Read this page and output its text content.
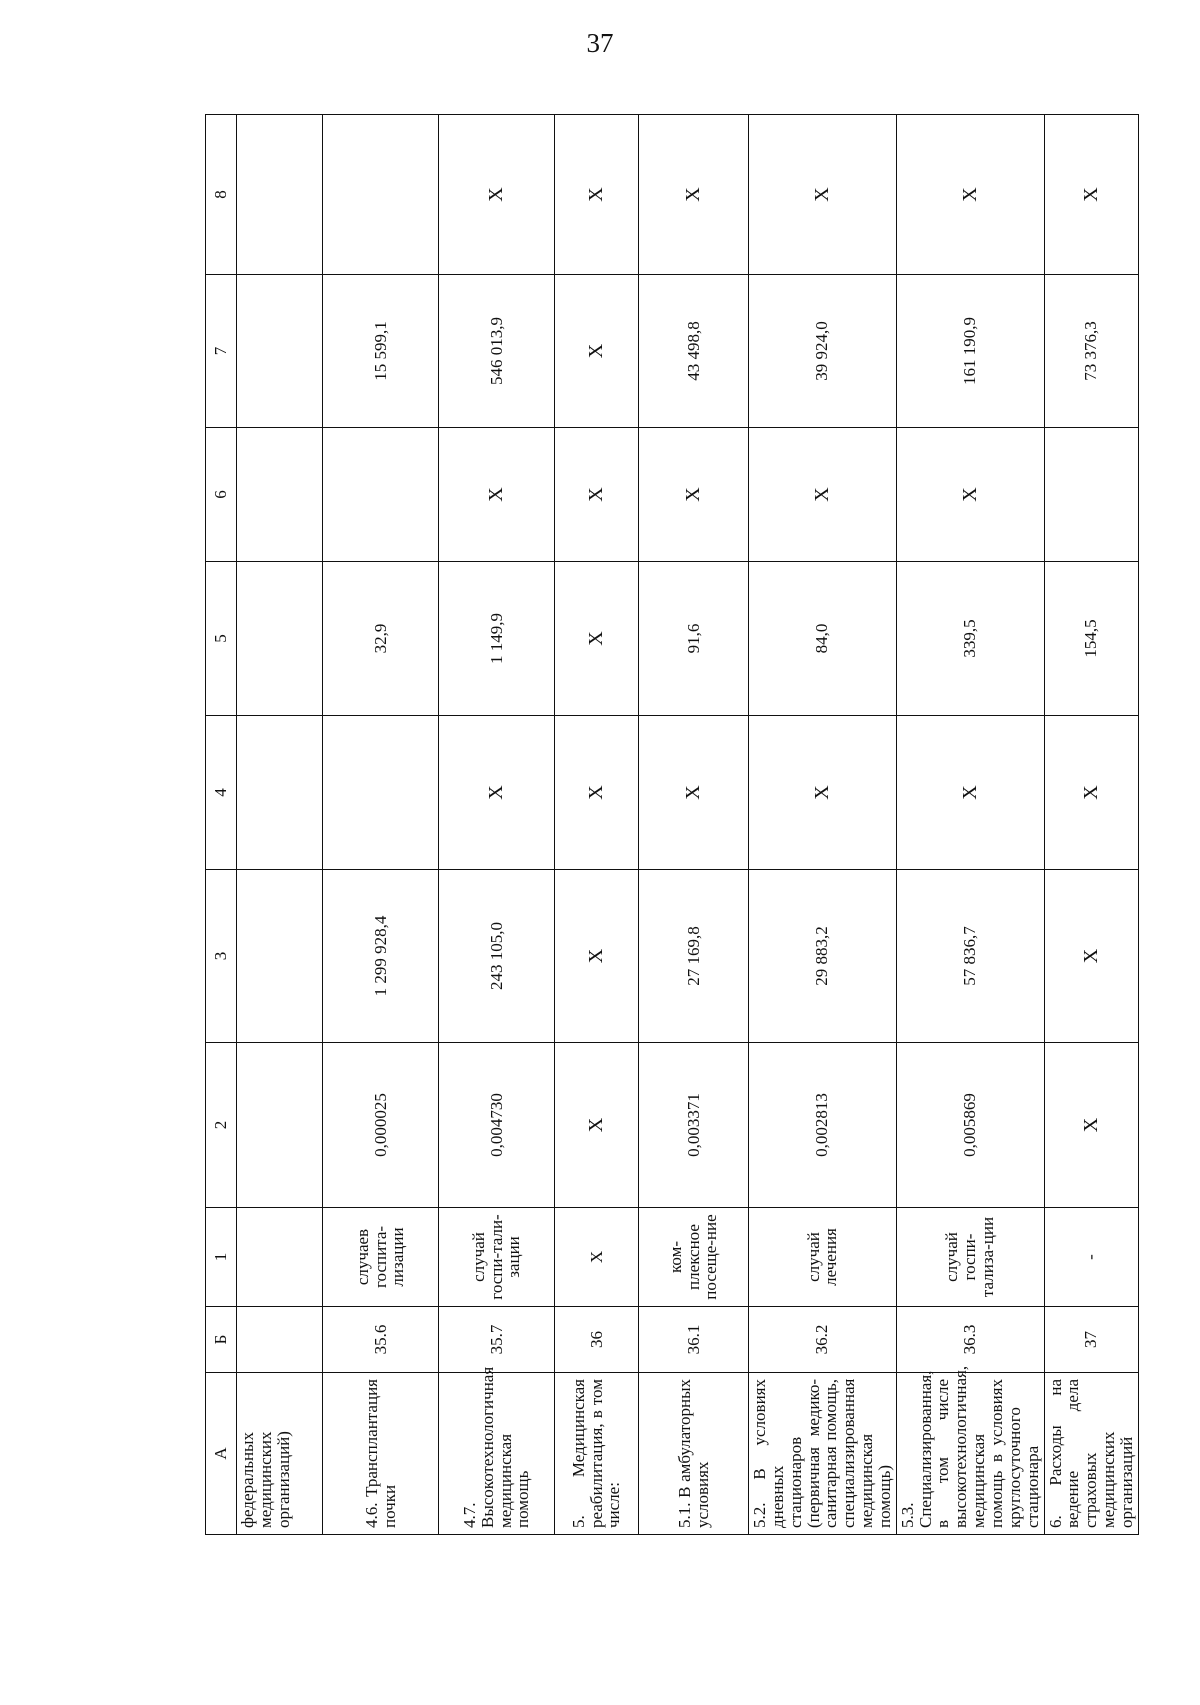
37
А	Б	1	2	3	4	5	6	7	8
федеральных медицинских организаций)									
4.6. Трансплантация почки	35.6	случаев госпита-лизации	0,000025	1 299 928,4		32,9		15 599,1	
4.7. Высокотехнологичная медицинская помощь	35.7	случай госпи-тали-зации	0,004730	243 105,0	X	1 149,9	X	546 013,9	X
5. Медицинская реабилитация, в том числе:	36	X	X	X	X	X	X	X	X
5.1. В амбулаторных условиях	36.1	ком-плексное посеще-ние	0,003371	27 169,8	X	91,6	X	43 498,8	X
5.2. В условиях дневных стационаров (первичная медико-санитарная помощь, специализированная медицинская помощь)	36.2	случай лечения	0,002813	29 883,2	X	84,0	X	39 924,0	X
5.3. Специализированная, в том числе высокотехнологичная, медицинская помощь в условиях круглосуточного стационара	36.3	случай госпи-тализа-ции	0,005869	57 836,7	X	339,5	X	161 190,9	X
6. Расходы на ведение дела страховых медицинских организаций	37	-	X	X	X	154,5		73 376,3	X
